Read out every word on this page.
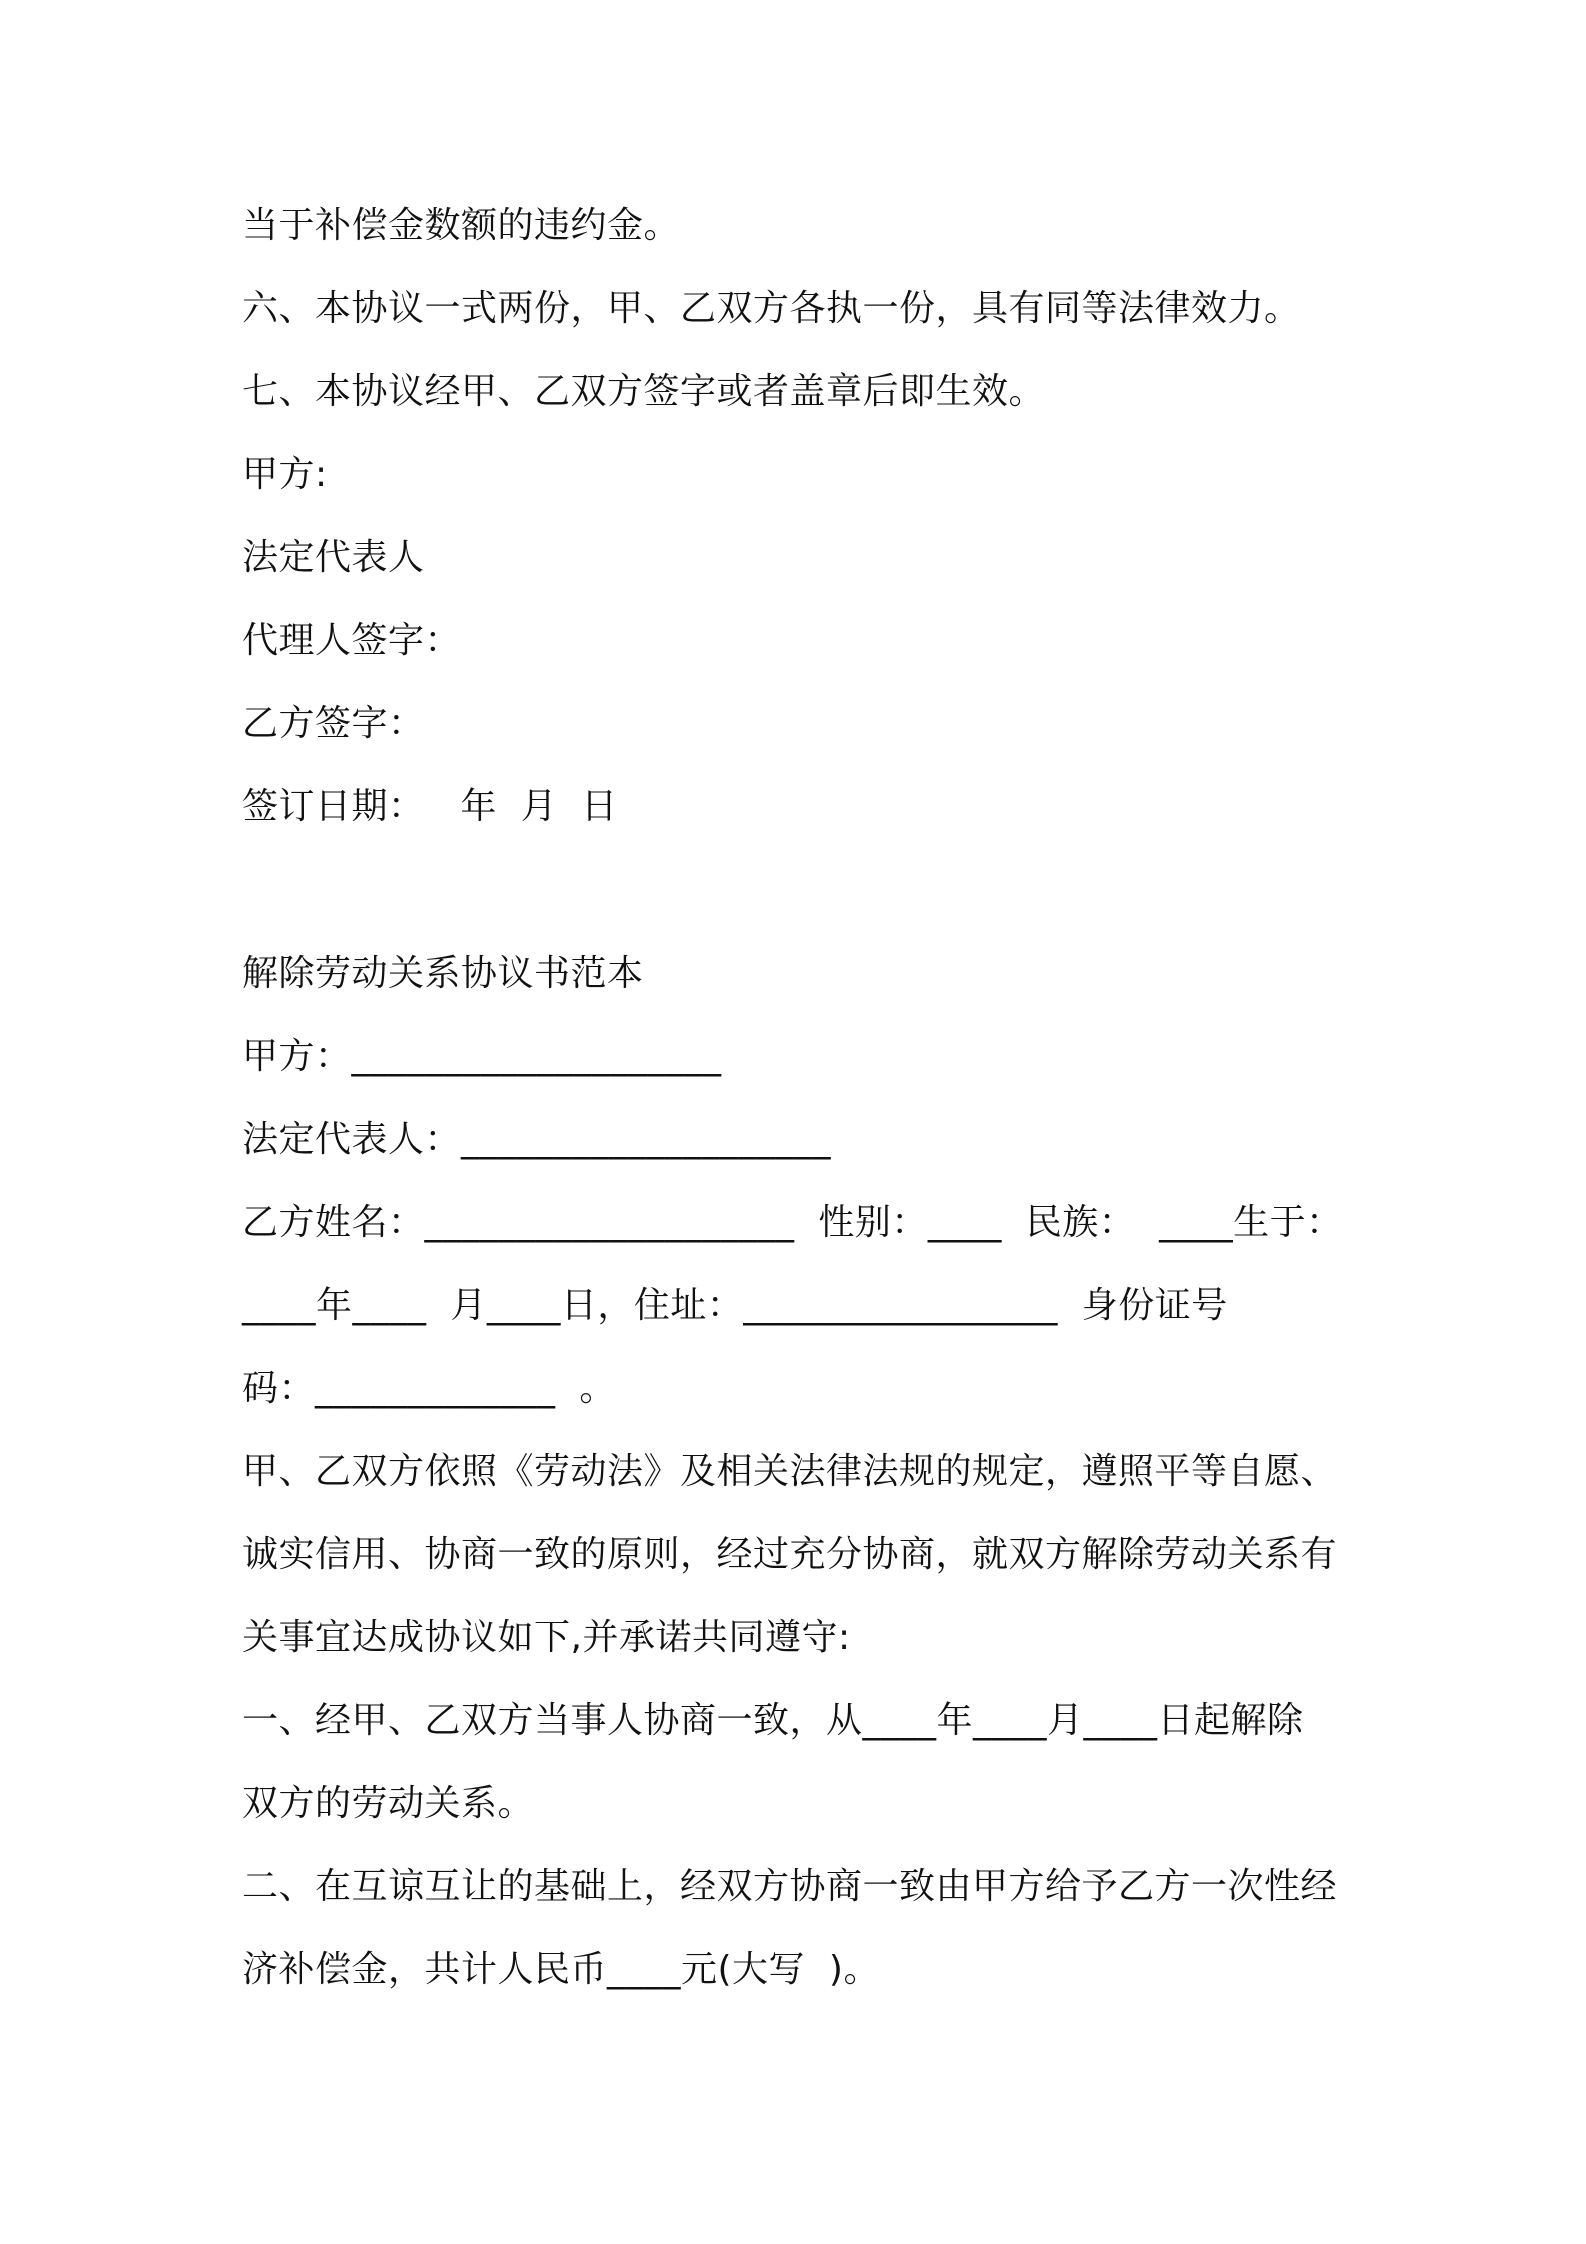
当于补偿金数额的违约金。
六、本协议一式两份，甲、乙双方各执一份，具有同等法律效力。
七、本协议经甲、乙双方签字或者盖章后即生效。
甲方:
法定代表人
代理人签字：
乙方签字：
签订日期：   年  月  日
解除劳动关系协议书范本
甲方：____________________
法定代表人：____________________
乙方姓名：____________________  性别：____  民族：  ____生于：
____年____  月____日，住址：_________________  身份证号
码：_____________  。
甲、乙双方依照《劳动法》及相关法律法规的规定，遵照平等自愿、
诚实信用、协商一致的原则，经过充分协商，就双方解除劳动关系有
关事宜达成协议如下,并承诺共同遵守:
一、经甲、乙双方当事人协商一致，从____年____月____日起解除
双方的劳动关系。
二、在互谅互让的基础上，经双方协商一致由甲方给予乙方一次性经
济补偿金，共计人民币____元(大写  )。
